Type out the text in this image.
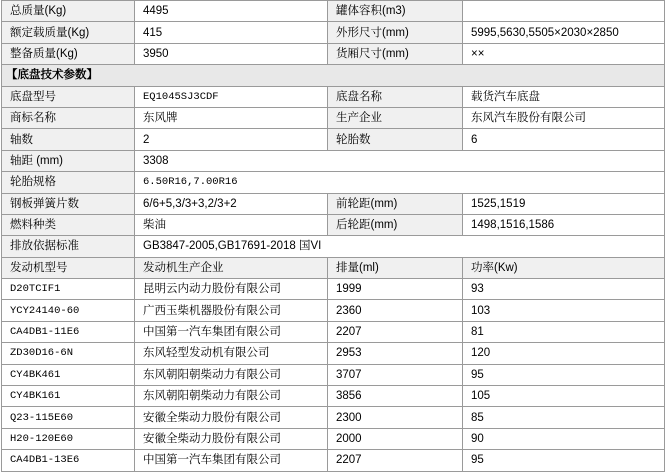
总质量(Kg)	4495	罐体容积(m3)	
额定载质量(Kg)	415	外形尺寸(mm)	5995,5630,5505×2030×2850
整备质量(Kg)	3950	货厢尺寸(mm)	××
【底盘技术参数】			
底盘型号	EQ1045SJ3CDF	底盘名称	载货汽车底盘
商标名称	东风牌	生产企业	东风汽车股份有限公司
轴数	2	轮胎数	6
轴距 (mm)	3308		
轮胎规格	6.50R16,7.00R16		
钢板弹簧片数	6/6+5,3/3+3,2/3+2	前轮距(mm)	1525,1519
燃料种类	柴油	后轮距(mm)	1498,1516,1586
排放依据标准	GB3847-2005,GB17691-2018 国VI		
发动机型号	发动机生产企业	排量(ml)	功率(Kw)
D20TCIF1	昆明云内动力股份有限公司	1999	93
YCY24140-60	广西玉柴机器股份有限公司	2360	103
CA4DB1-11E6	中国第一汽车集团有限公司	2207	81
ZD30D16-6N	东风轻型发动机有限公司	2953	120
CY4BK461	东风朝阳朝柴动力有限公司	3707	95
CY4BK161	东风朝阳朝柴动力有限公司	3856	105
Q23-115E60	安徽全柴动力股份有限公司	2300	85
H20-120E60	安徽全柴动力股份有限公司	2000	90
CA4DB1-13E6	中国第一汽车集团有限公司	2207	95
